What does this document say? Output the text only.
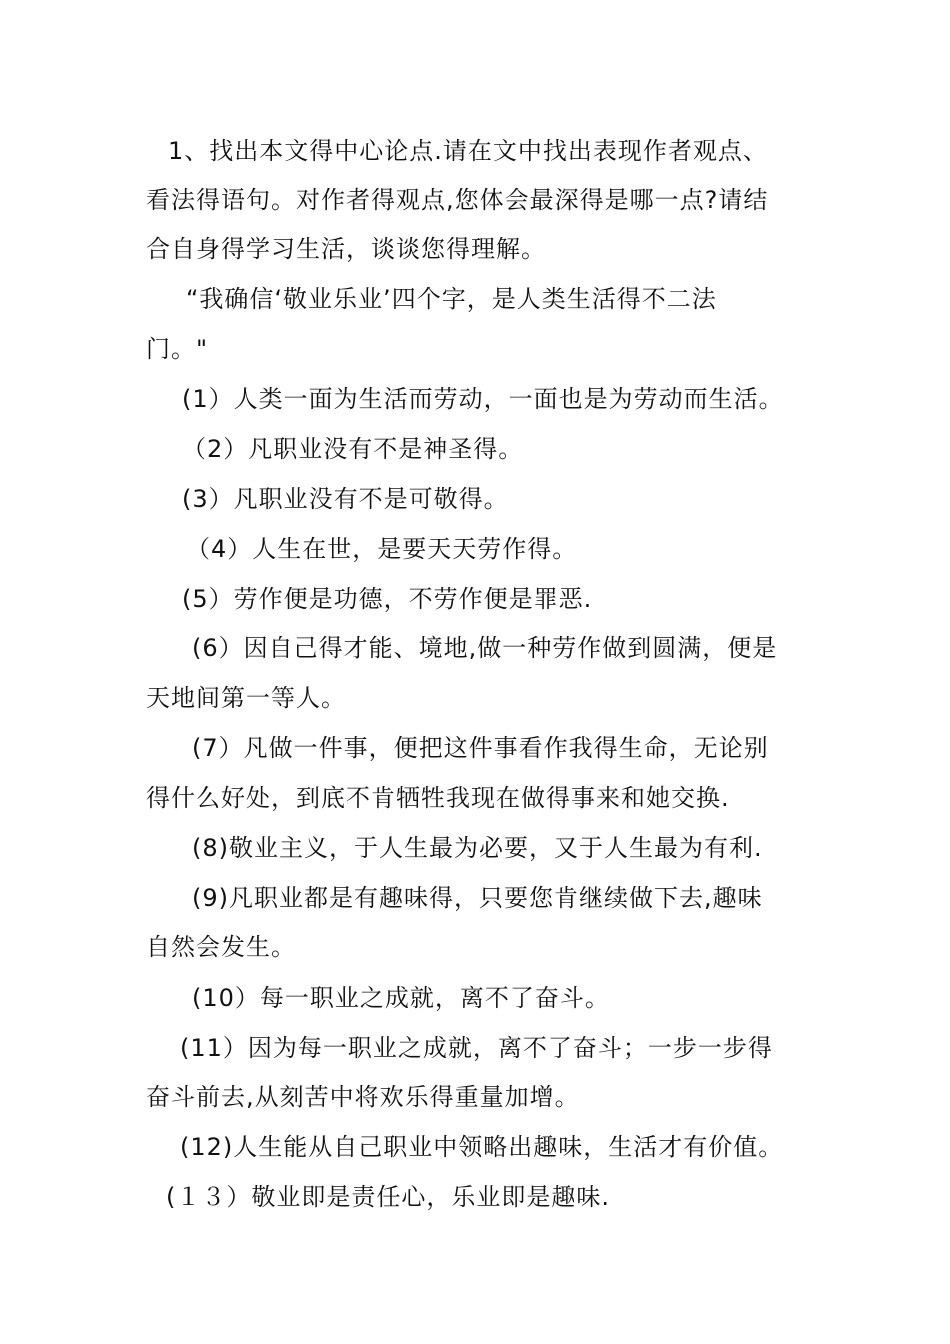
1、找出本文得中心论点.请在文中找出表现作者观点、
看法得语句。对作者得观点,您体会最深得是哪一点?请结
合自身得学习生活，谈谈您得理解。
“我确信‘敬业乐业’四个字，是人类生活得不二法
门。"
(1）人类一面为生活而劳动，一面也是为劳动而生活。
（2）凡职业没有不是神圣得。
(3）凡职业没有不是可敬得。
（4）人生在世，是要天天劳作得。
(5）劳作便是功德，不劳作便是罪恶.
(6）因自己得才能、境地,做一种劳作做到圆满，便是
天地间第一等人。
(7）凡做一件事，便把这件事看作我得生命，无论别
得什么好处，到底不肯牺牲我现在做得事来和她交换.
(8)敬业主义，于人生最为必要，又于人生最为有利.
(9)凡职业都是有趣味得，只要您肯继续做下去,趣味
自然会发生。
(10）每一职业之成就，离不了奋斗。
(11）因为每一职业之成就，离不了奋斗；一步一步得
奋斗前去,从刻苦中将欢乐得重量加增。
(12)人生能从自己职业中领略出趣味，生活才有价值。
(１３）敬业即是责任心，乐业即是趣味.
